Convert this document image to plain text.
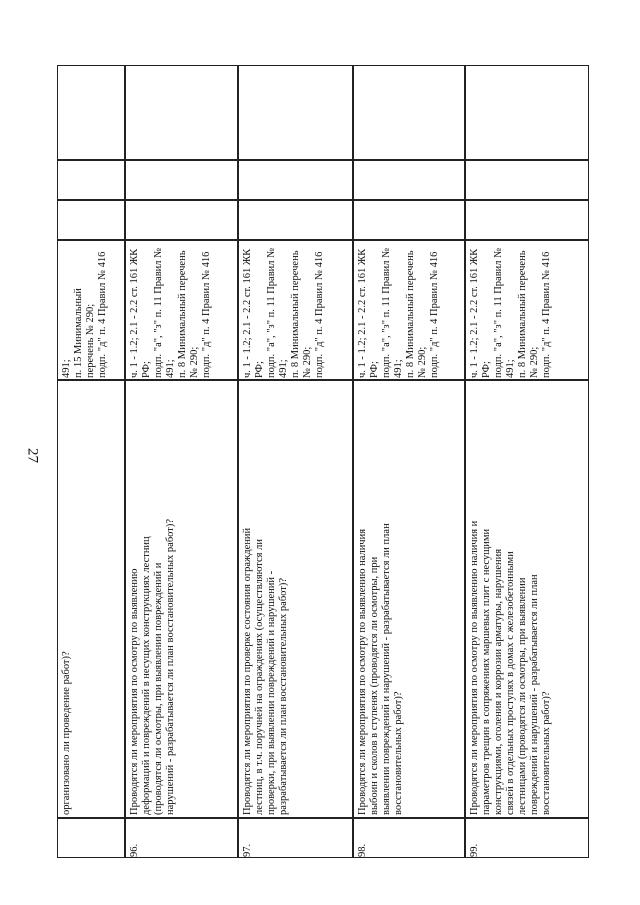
27
организовано ли проведение работ)?
491;
п. 15 Минимальный
перечень № 290;
подп. "д" п. 4 Правил № 416
96.
Проводятся ли мероприятия по осмотру по выявлению
деформаций и повреждений в несущих конструкциях лестниц
(проводятся ли осмотры, при выявлении повреждений и
нарушений - разрабатывается ли план восстановительных работ)?
ч. 1 - 1.2; 2.1 - 2.2 ст. 161 ЖК
РФ;
подп. "а", "з" п. 11 Правил №
491;
п. 8 Минимальный перечень
№ 290;
подп. "д" п. 4 Правил № 416
97.
Проводятся ли мероприятия по проверке состояния ограждений
лестниц, в т.ч. поручней на ограждениях (осуществляются ли
проверки, при выявлении повреждений и нарушений -
разрабатывается ли план восстановительных работ)?
ч. 1 - 1.2; 2.1 - 2.2 ст. 161 ЖК
РФ;
подп. "а", "з" п. 11 Правил №
491;
п. 8 Минимальный перечень
№ 290;
подп. "д" п. 4 Правил № 416
98.
Проводятся ли мероприятия по осмотру по выявлению наличия
выбоин и сколов в ступенях (проводятся ли осмотры, при
выявлении повреждений и нарушений - разрабатывается ли план
восстановительных работ)?
ч. 1 - 1.2; 2.1 - 2.2 ст. 161 ЖК
РФ;
подп. "а", "з" п. 11 Правил №
491;
п. 8 Минимальный перечень
№ 290;
подп. "д" п. 4 Правил № 416
99.
Проводятся ли мероприятия по осмотру по выявлению наличия и
параметров трещин в сопряжениях маршевых плит с несущими
конструкциями, оголения и коррозии арматуры, нарушения
связей в отдельных проступях в домах с железобетонными
лестницами (проводятся ли осмотры, при выявлении
повреждений и нарушений - разрабатывается ли план
восстановительных работ)?
ч. 1 - 1.2; 2.1 - 2.2 ст. 161 ЖК
РФ;
подп. "а", "з" п. 11 Правил №
491;
п. 8 Минимальный перечень
№ 290;
подп. "д" п. 4 Правил № 416
